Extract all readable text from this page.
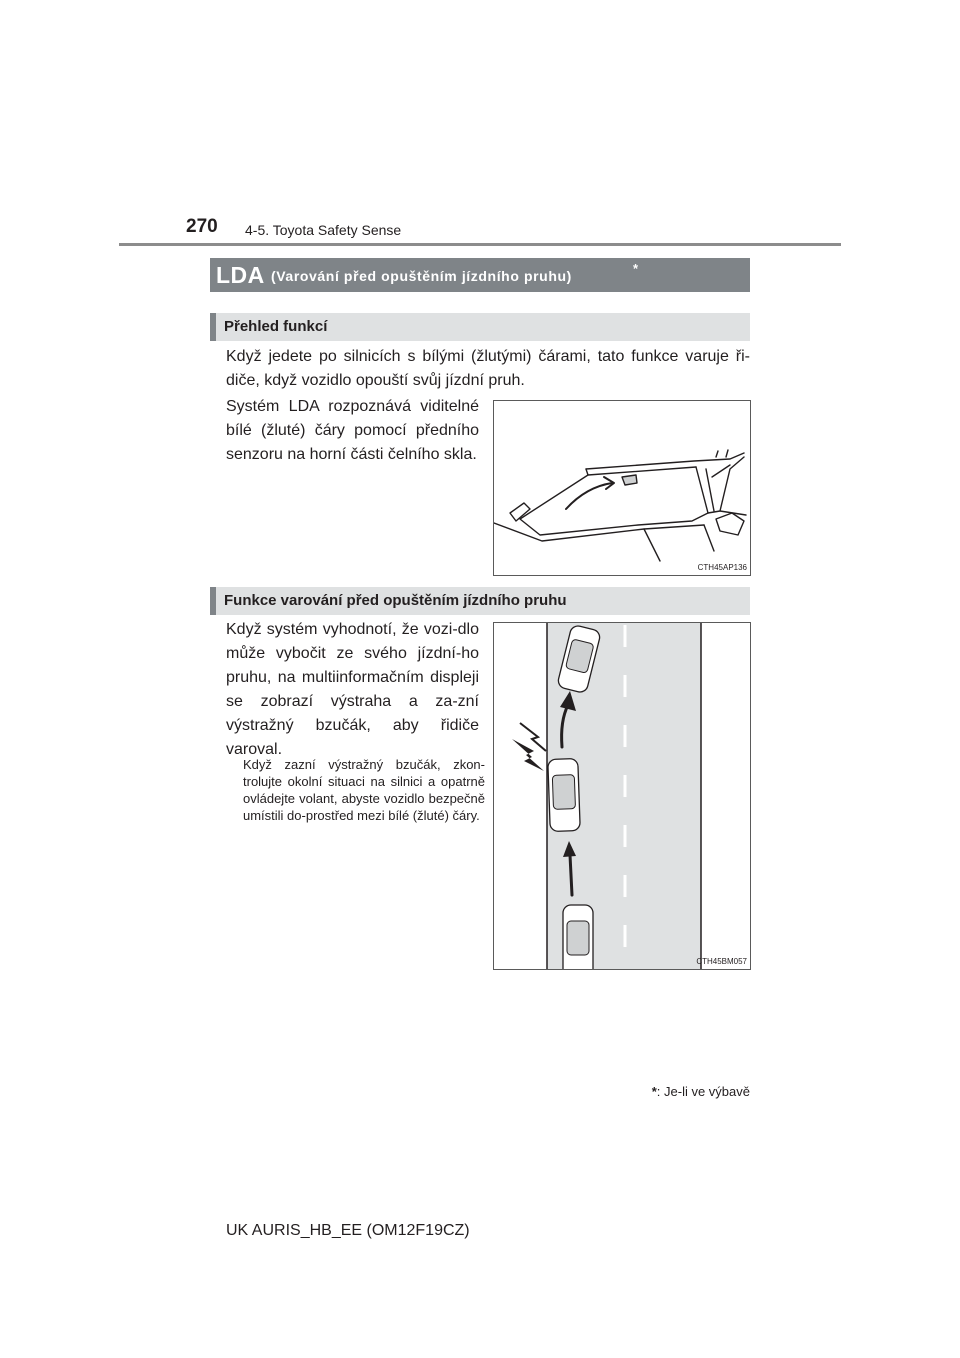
270 4-5. Toyota Safety Sense
LDA (Varování před opuštěním jízdního pruhu)	*
Přehled funkcí
Když jedete po silnicích s bílými (žlutými) čárami, tato funkce varuje ři-diče, když vozidlo opouští svůj jízdní pruh.
Systém LDA rozpoznává viditelné bílé (žluté) čáry pomocí předního senzoru na horní části čelního skla.
CTH45AP136
Funkce varování před opuštěním jízdního pruhu
Když systém vyhodnotí, že vozi-dlo může vybočit ze svého jízdní-ho pruhu, na multiinformačním displeji se zobrazí výstraha a za-zní výstražný bzučák, aby řidiče varoval.
Když zazní výstražný bzučák, zkon-trolujte okolní situaci na silnici a opatrně ovládejte volant, abyste vozidlo bezpečně umístili do-prostřed mezi bílé (žluté) čáry.
CTH45BM057
*: Je-li ve výbavě
UK AURIS_HB_EE (OM12F19CZ)
